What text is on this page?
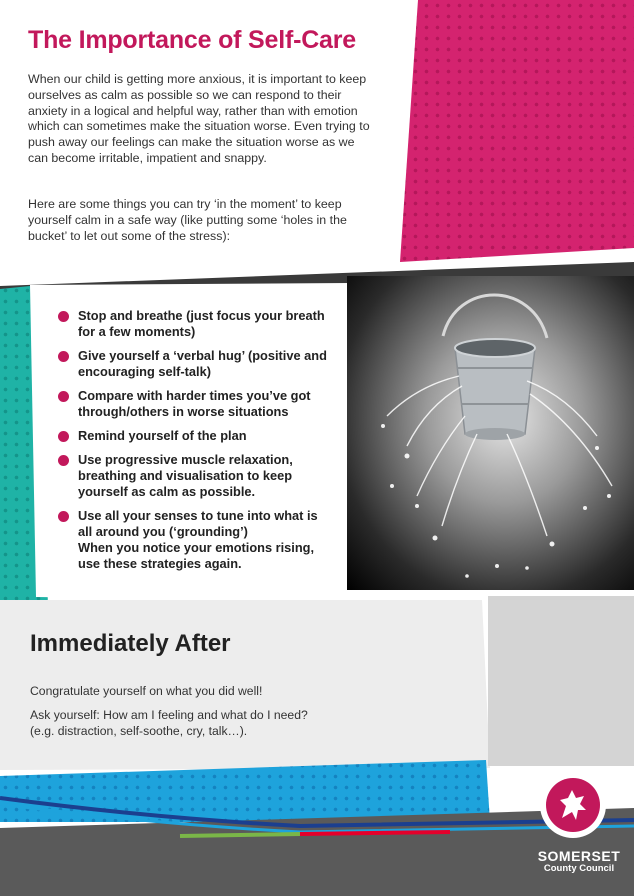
The Importance of Self-Care

When our child is getting more anxious, it is important to keep ourselves as calm as possible so we can respond to their anxiety in a logical and helpful way, rather than with emotion which can sometimes make the situation worse. Even trying to push away our feelings can make the situation worse as we can become irritable, impatient and snappy.

Here are some things you can try ‘in the moment’ to keep yourself calm in a safe way (like putting some ‘holes in the bucket’ to let out some of the stress):

Stop and breathe (just focus your breath for a few moments)
Give yourself a ‘verbal hug’ (positive and encouraging self-talk)
Compare with harder times you’ve got through/others in worse situations
Remind yourself of the plan
Use progressive muscle relaxation, breathing and visualisation to keep yourself as calm as possible.
Use all your senses to tune into what is all around you (‘grounding’)
When you notice your emotions rising, use these strategies again.
Immediately After

Congratulate yourself on what you did well!

Ask yourself: How am I feeling and what do I need? (e.g. distraction, self-soothe, cry, talk…).

SOMERSET
County Council
